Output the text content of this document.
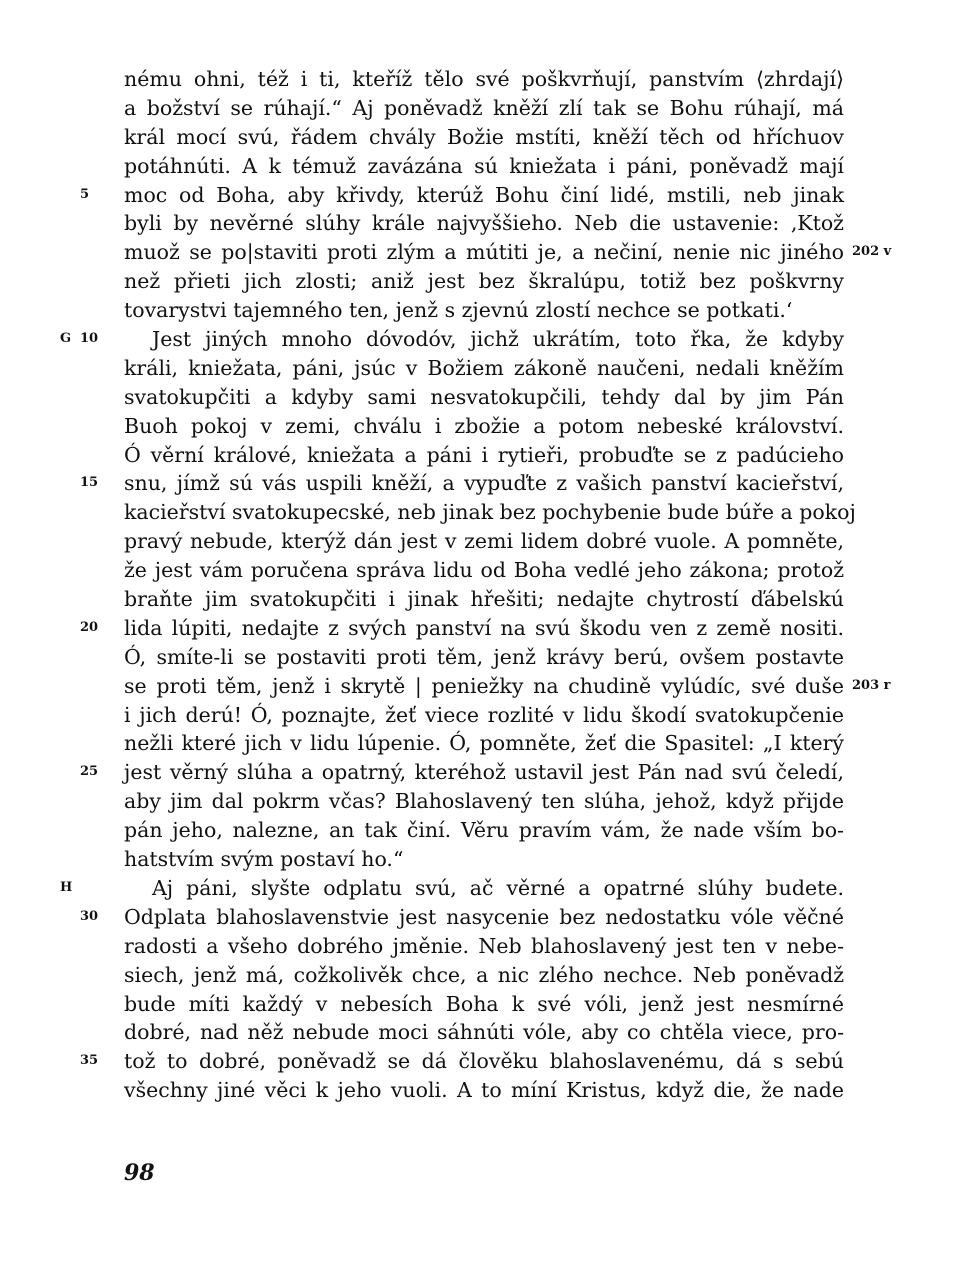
5
G 10
15
20
25
H
30
35
nému ohni, též i ti, kteříž tělo své poškvrňují, panstvím ⟨zhrdají⟩
a božství se rúhají.“ Aj poněvadž kněží zlí tak se Bohu rúhají, má
král mocí svú, řádem chvály Božie mstíti, kněží těch od hříchuov
potáhnúti. A k témuž zavázána sú kniežata i páni, poněvadž mají
moc od Boha, aby křivdy, kterúž Bohu činí lidé, mstili, neb jinak
byli by nevěrné slúhy krále najvyššieho. Neb die ustavenie: ‚Ktož
muož se po|staviti proti zlým a mútiti je, a nečiní, nenie nic jiného
než přieti jich zlosti; aniž jest bez škralúpu, totiž bez poškvrny
tovarystvi tajemného ten, jenž s zjevnú zlostí nechce se potkati.‘
Jest jiných mnoho dóvodóv, jichž ukrátím, toto řka, že kdyby
králi, kniežata, páni, jsúc v Božiem zákoně naučeni, nedali kněžím
svatokupčiti a kdyby sami nesvatokupčili, tehdy dal by jim Pán
Buoh pokoj v zemi, chválu i zbožie a potom nebeské království.
Ó věrní králové, kniežata a páni i rytieři, probuďte se z padúcieho
snu, jímž sú vás uspili kněží, a vypuďte z vašich panství kacieřství,
kacieřství svatokupecské, neb jinak bez pochybenie bude búře a pokoj
pravý nebude, kterýž dán jest v zemi lidem dobré vuole. A pomněte,
že jest vám poručena správa lidu od Boha vedlé jeho zákona; protož
braňte jim svatokupčiti i jinak hřešiti; nedajte chytrostí ďábelskú
lida lúpiti, nedajte z svých panství na svú škodu ven z země nositi.
Ó, smíte-li se postaviti proti těm, jenž krávy berú, ovšem postavte
se proti těm, jenž i skrytě | peniežky na chudině vylúdíc, své duše
i jich derú! Ó, poznajte, žeť viece rozlité v lidu škodí svatokupčenie
nežli které jich v lidu lúpenie. Ó, pomněte, žeť die Spasitel: „I který
jest věrný slúha a opatrný, kteréhož ustavil jest Pán nad svú čeledí,
aby jim dal pokrm včas? Blahoslavený ten slúha, jehož, když přijde
pán jeho, nalezne, an tak činí. Věru pravím vám, že nade vším bo-
hatstvím svým postaví ho.“
Aj páni, slyšte odplatu svú, ač věrné a opatrné slúhy budete.
Odplata blahoslavenstvie jest nasycenie bez nedostatku vóle věčné
radosti a všeho dobrého jměnie. Neb blahoslavený jest ten v nebe-
siech, jenž má, cožkolivěk chce, a nic zlého nechce. Neb poněvadž
bude míti každý v nebesích Boha k své vóli, jenž jest nesmírné
dobré, nad něž nebude moci sáhnúti vóle, aby co chtěla viece, pro-
tož to dobré, poněvadž se dá člověku blahoslavenému, dá s sebú
všechny jiné věci k jeho vuoli. A to míní Kristus, když die, že nade
202 v
203 r
98
